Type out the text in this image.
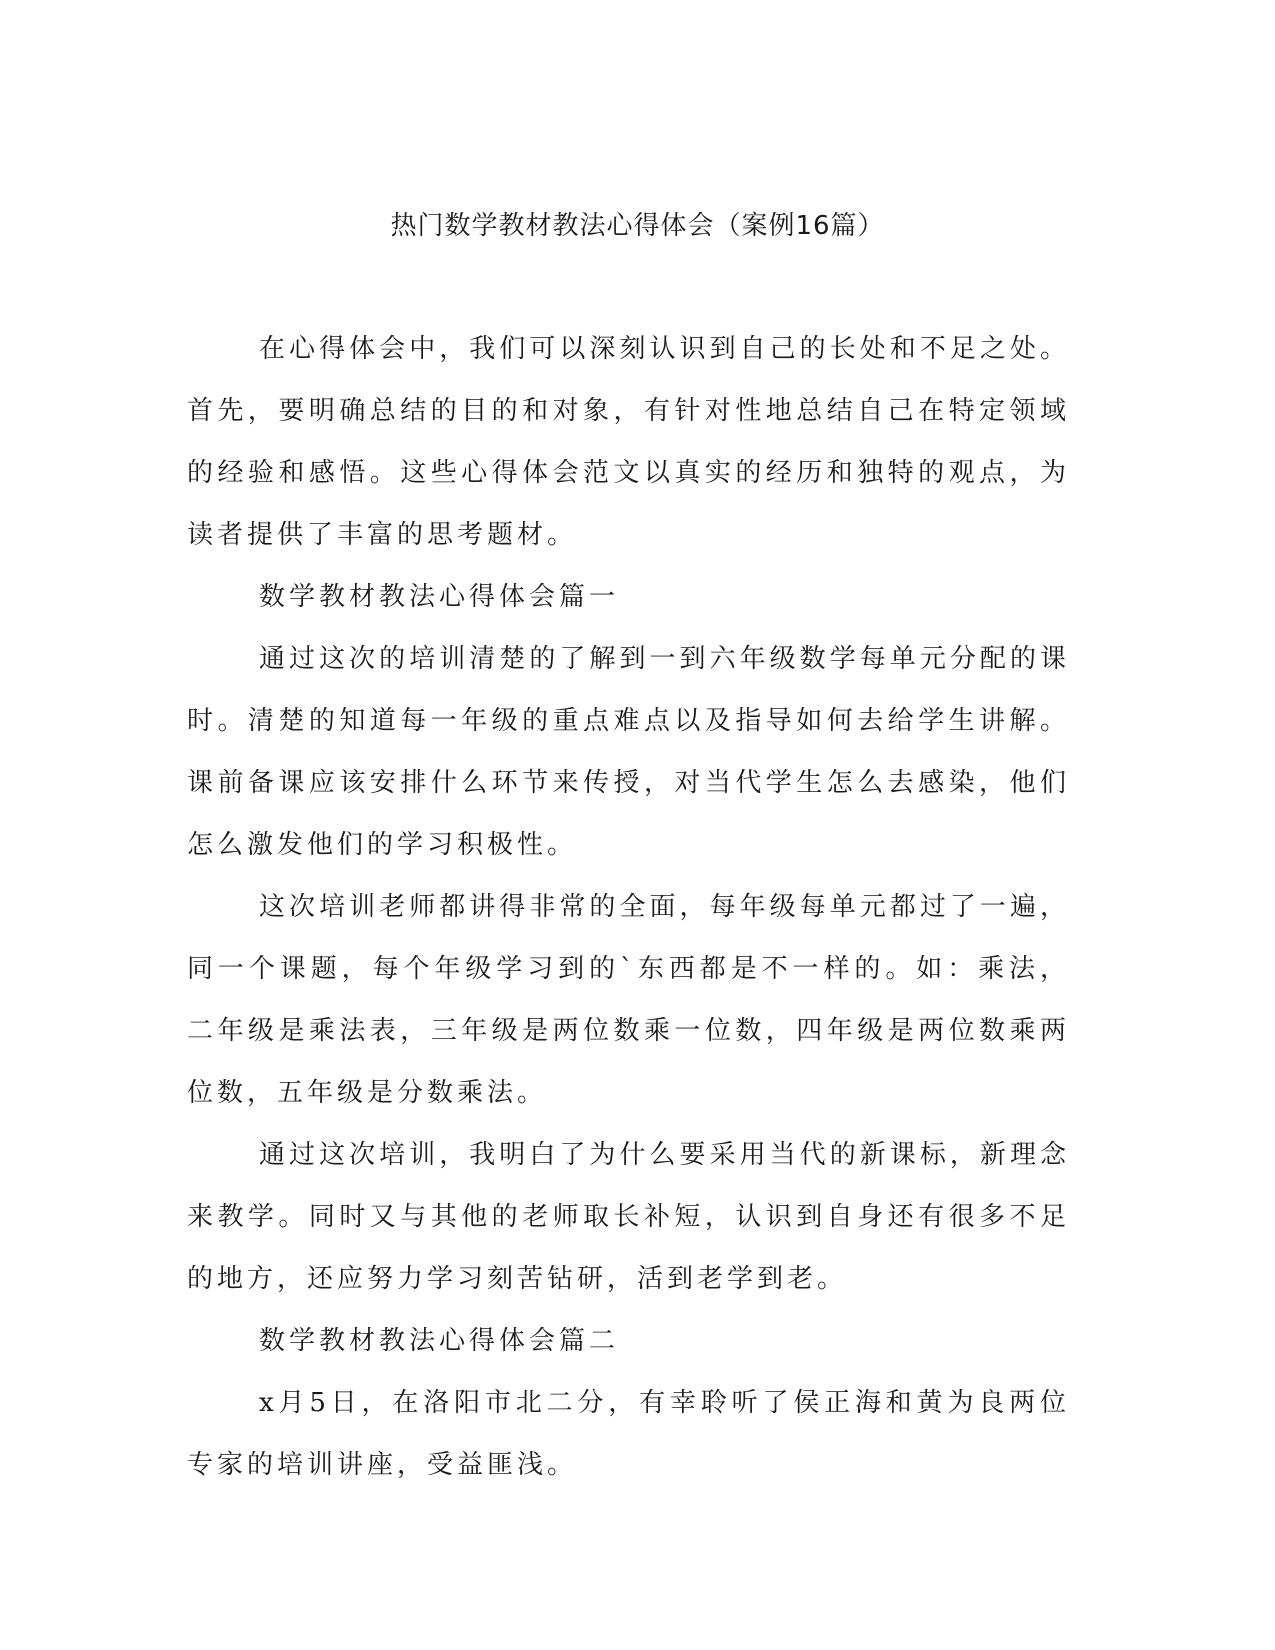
热门数学教材教法心得体会（案例16篇）

在心得体会中，我们可以深刻认识到自己的长处和不足之处。首先，要明确总结的目的和对象，有针对性地总结自己在特定领域的经验和感悟。这些心得体会范文以真实的经历和独特的观点，为读者提供了丰富的思考题材。

数学教材教法心得体会篇一

通过这次的培训清楚的了解到一到六年级数学每单元分配的课时。清楚的知道每一年级的重点难点以及指导如何去给学生讲解。课前备课应该安排什么环节来传授，对当代学生怎么去感染，他们怎么激发他们的学习积极性。

这次培训老师都讲得非常的全面，每年级每单元都过了一遍，同一个课题，每个年级学习到的`东西都是不一样的。如：乘法，二年级是乘法表，三年级是两位数乘一位数，四年级是两位数乘两位数，五年级是分数乘法。

通过这次培训，我明白了为什么要采用当代的新课标，新理念来教学。同时又与其他的老师取长补短，认识到自身还有很多不足的地方，还应努力学习刻苦钻研，活到老学到老。

数学教材教法心得体会篇二

x月5日，在洛阳市北二分，有幸聆听了侯正海和黄为良两位专家的培训讲座，受益匪浅。
